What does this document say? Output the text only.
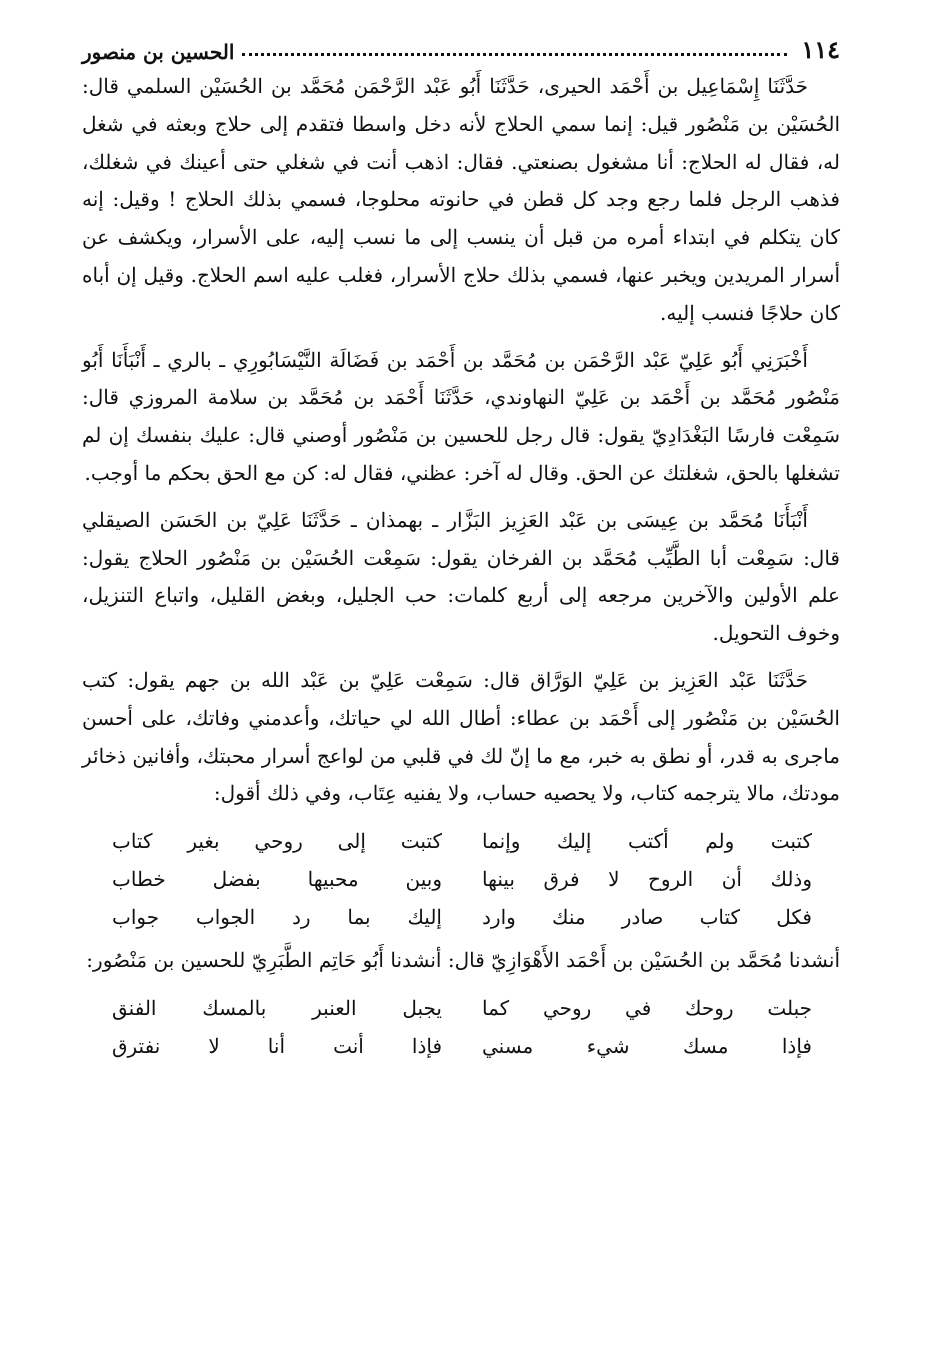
١١٤
الحسين بن منصور

حَدَّثَنَا إِسْمَاعِيل بن أَحْمَد الحيرى، حَدَّثَنَا أَبُو عَبْد الرَّحْمَن مُحَمَّد بن الحُسَيْن السلمي قال: الحُسَيْن بن مَنْصُور قيل: إنما سمي الحلاج لأنه دخل واسطا فتقدم إلى حلاج وبعثه في شغل له، فقال له الحلاج: أنا مشغول بصنعتي. فقال: اذهب أنت في شغلي حتى أعينك في شغلك، فذهب الرجل فلما رجع وجد كل قطن في حانوته محلوجا، فسمي بذلك الحلاج ! وقيل: إنه كان يتكلم في ابتداء أمره من قبل أن ينسب إلى ما نسب إليه، على الأسرار، ويكشف عن أسرار المريدين ويخبر عنها، فسمي بذلك حلاج الأسرار، فغلب عليه اسم الحلاج. وقيل إن أباه كان حلاجًا فنسب إليه.

أَخْبَرَنِي أَبُو عَلِيّ عَبْد الرَّحْمَن بن مُحَمَّد بن أَحْمَد بن فَضَالَة النَّيْسَابُورِي ـ بالري ـ أَنْبَأَنَا أَبُو مَنْصُور مُحَمَّد بن أَحْمَد بن عَلِيّ النهاوندي، حَدَّثَنَا أَحْمَد بن مُحَمَّد بن سلامة المروزي قال: سَمِعْت فارسًا البَغْدَادِيّ يقول: قال رجل للحسين بن مَنْصُور أوصني قال: عليك بنفسك إن لم تشغلها بالحق، شغلتك عن الحق. وقال له آخر: عظني، فقال له: كن مع الحق بحكم ما أوجب.

أَنْبَأَنَا مُحَمَّد بن عِيسَى بن عَبْد العَزِيز البَزَّار ـ بهمذان ـ حَدَّثَنَا عَلِيّ بن الحَسَن الصيقلي قال: سَمِعْت أبا الطَّيِّب مُحَمَّد بن الفرخان يقول: سَمِعْت الحُسَيْن بن مَنْصُور الحلاج يقول: علم الأولين والآخرين مرجعه إلى أربع كلمات: حب الجليل، وبغض القليل، واتباع التنزيل، وخوف التحويل.

حَدَّثَنَا عَبْد العَزِيز بن عَلِيّ الوَرَّاق قال: سَمِعْت عَلِيّ بن عَبْد الله بن جهم يقول: كتب الحُسَيْن بن مَنْصُور إلى أَحْمَد بن عطاء: أطال الله لي حياتك، وأعدمني وفاتك، على أحسن ماجرى به قدر، أو نطق به خبر، مع ما إنّ لك في قلبي من لواعج أسرار محبتك، وأفانين ذخائر مودتك، مالا يترجمه كتاب، ولا يحصيه حساب، ولا يفنيه عِتَاب، وفي ذلك أقول:

كتبت ولم أكتب إليك وإنما
كتبت إلى روحي بغير كتاب
وذلك أن الروح لا فرق بينها
وبين محبيها بفضل خطاب
فكل كتاب صادر منك وارد
إليك بما رد الجواب جواب

أنشدنا مُحَمَّد بن الحُسَيْن بن أَحْمَد الأَهْوَازِيّ قال: أنشدنا أَبُو حَاتِم الطَّبَرِيّ للحسين بن مَنْصُور:

جبلت روحك في روحي كما
يجبل العنبر بالمسك الفنق
فإذا مسك شيء مسني
فإذا أنت أنا لا نفترق
